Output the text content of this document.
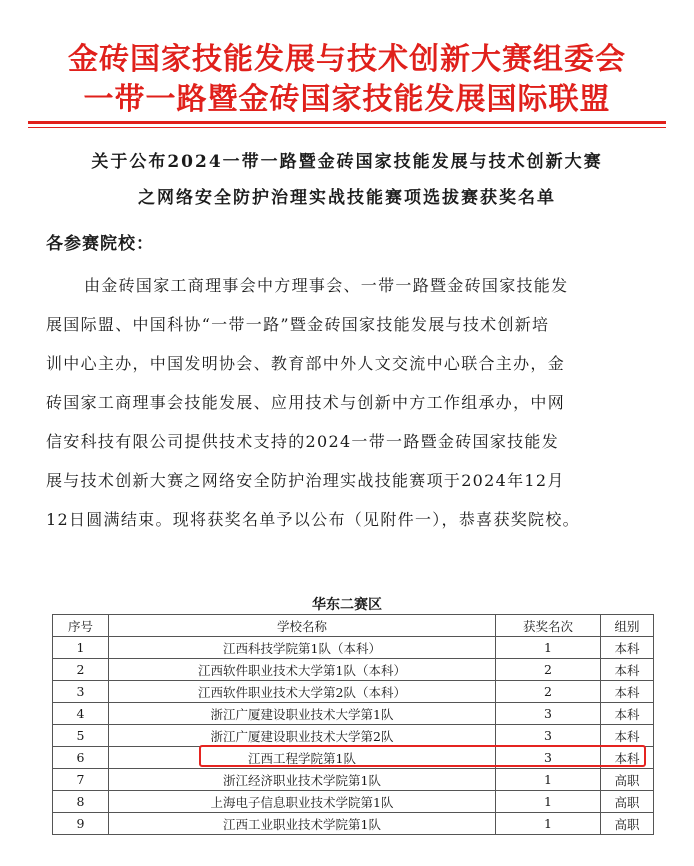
金砖国家技能发展与技术创新大赛组委会
一带一路暨金砖国家技能发展国际联盟
关于公布2024一带一路暨金砖国家技能发展与技术创新大赛
之网络安全防护治理实战技能赛项选拔赛获奖名单
各参赛院校：
由金砖国家工商理事会中方理事会、一带一路暨金砖国家技能发
展国际盟、中国科协“一带一路”暨金砖国家技能发展与技术创新培
训中心主办，中国发明协会、教育部中外人文交流中心联合主办，金
砖国家工商理事会技能发展、应用技术与创新中方工作组承办，中网
信安科技有限公司提供技术支持的2024一带一路暨金砖国家技能发
展与技术创新大赛之网络安全防护治理实战技能赛项于2024年12月
12日圆满结束。现将获奖名单予以公布（见附件一），恭喜获奖院校。
华东二赛区
序号	学校名称	获奖名次	组别
1	江西科技学院第1队（本科）	1	本科
2	江西软件职业技术大学第1队（本科）	2	本科
3	江西软件职业技术大学第2队（本科）	2	本科
4	浙江广厦建设职业技术大学第1队	3	本科
5	浙江广厦建设职业技术大学第2队	3	本科
6	江西工程学院第1队	3	本科
7	浙江经济职业技术学院第1队	1	高职
8	上海电子信息职业技术学院第1队	1	高职
9	江西工业职业技术学院第1队	1	高职
